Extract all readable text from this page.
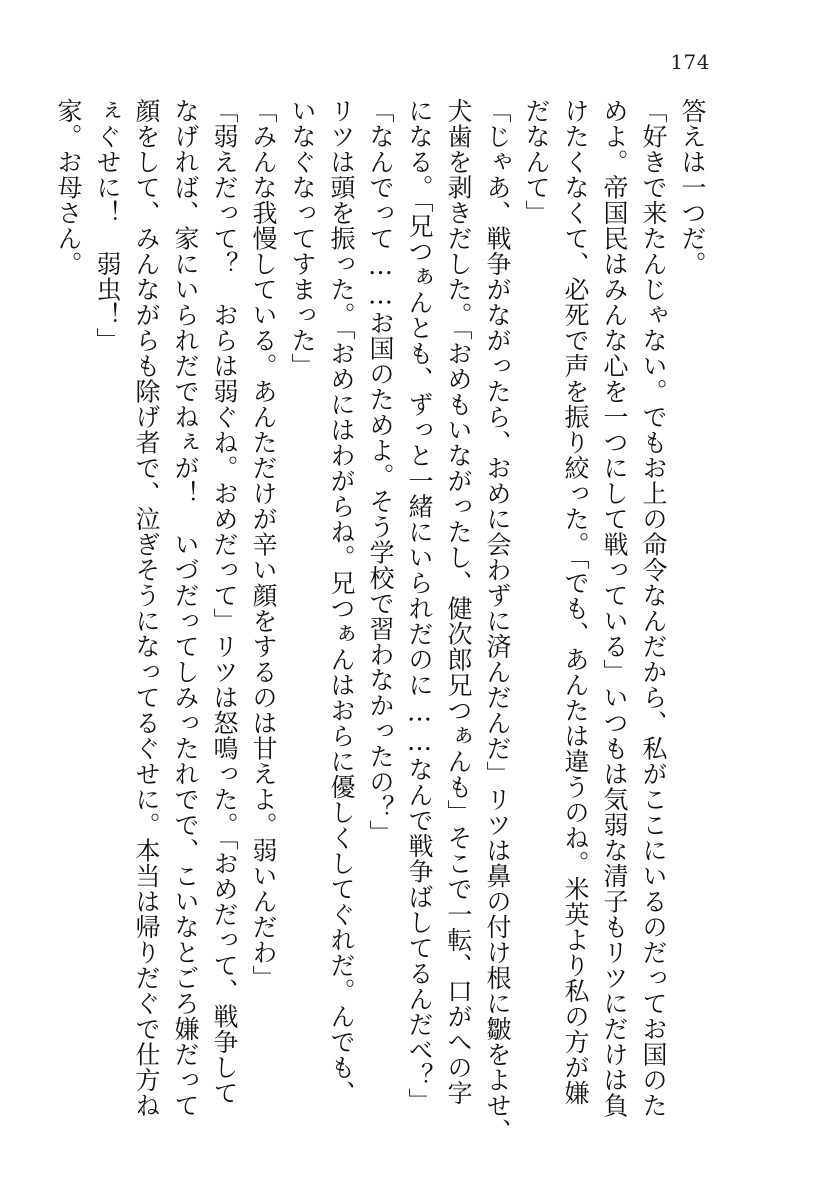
174
答えは一つだ。
「好きで来たんじゃない。でもお上の命令なんだから、私がここにいるのだってお国のた
めよ。帝国民はみんな心を一つにして戦っている」いつもは気弱な清子もリツにだけは負
けたくなくて、必死で声を振り絞った。「でも、あんたは違うのね。米英より私の方が嫌
だなんて」
「じゃあ、戦争がながったら、おめに会わずに済んだんだ」リツは鼻の付け根に皺をよせ、
犬歯を剥きだした。「おめもいながったし、健次郎兄つぁんも」そこで一転、口がへの字
になる。「兄つぁんとも、ずっと一緒にいられだのに……なんで戦争ばしてるんだべ？」
「なんでって……お国のためよ。そう学校で習わなかったの？」
リツは頭を振った。「おめにはわがらね。兄つぁんはおらに優しくしてぐれだ。んでも、
いなぐなってすまった」
「みんな我慢している。あんただけが辛い顔をするのは甘えよ。弱いんだわ」
「弱えだって？　おらは弱ぐね。おめだって」リツは怒鳴った。「おめだって、戦争して
なげれば、家にいられだでねぇが！　いづだってしみったれでで、こいなとごろ嫌だって
顔をして、みんながらも除げ者で、泣ぎそうになってるぐせに。本当は帰りだぐで仕方ね
ぇぐせに！　弱虫！」
家。お母さん。
